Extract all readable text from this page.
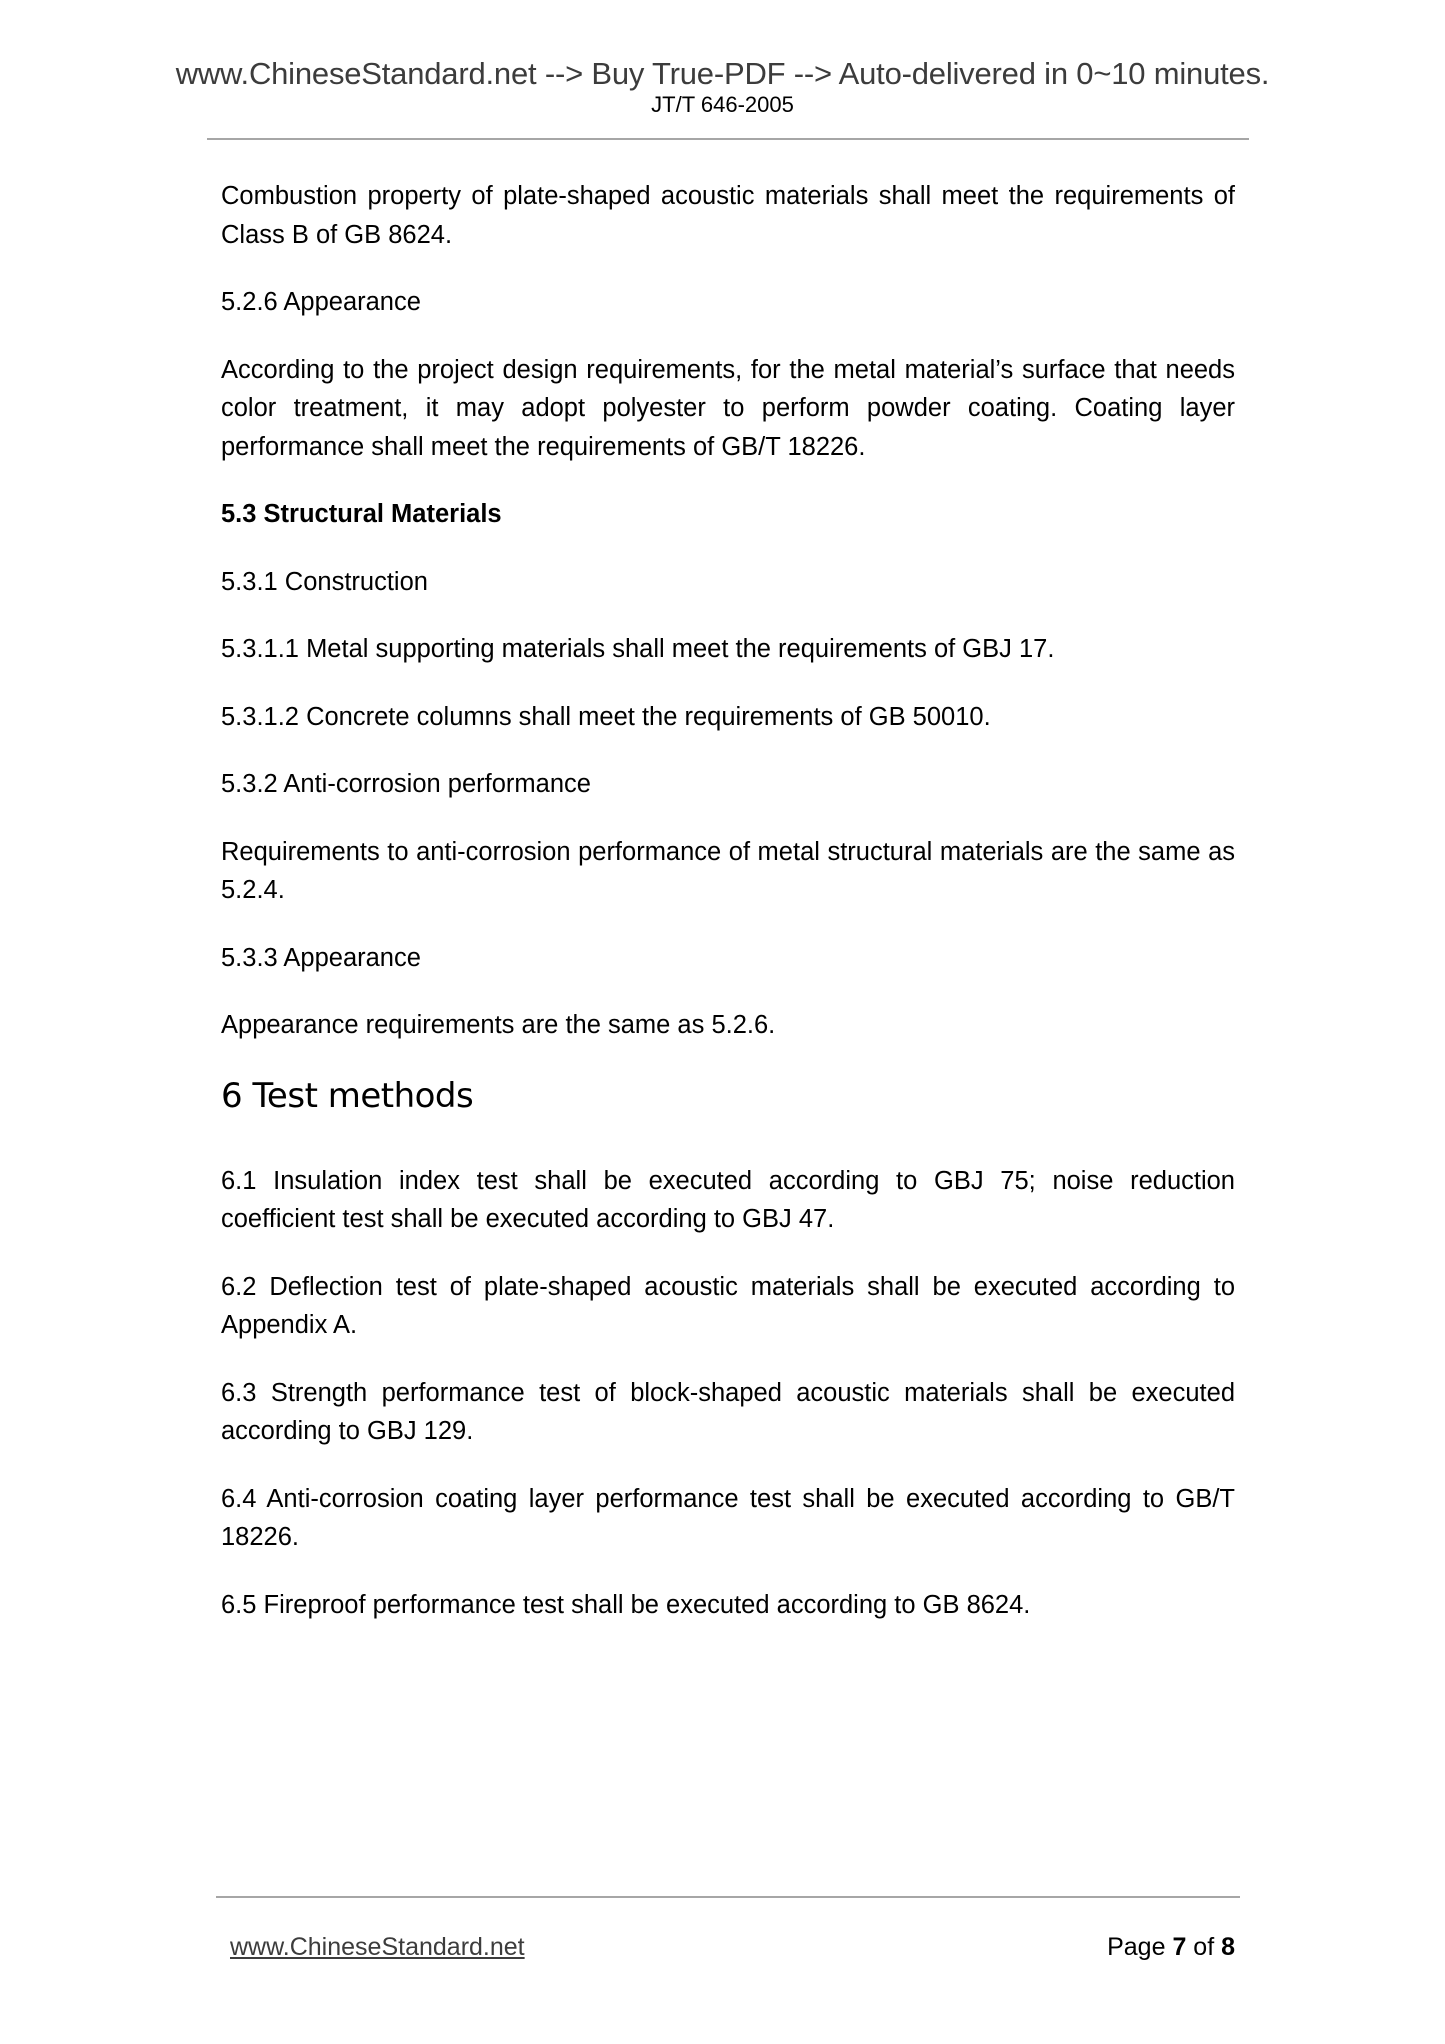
www.ChineseStandard.net --> Buy True-PDF --> Auto-delivered in 0~10 minutes.
JT/T 646-2005

Combustion property of plate-shaped acoustic materials shall meet the requirements of Class B of GB 8624.

5.2.6 Appearance

According to the project design requirements, for the metal material’s surface that needs color treatment, it may adopt polyester to perform powder coating. Coating layer performance shall meet the requirements of GB/T 18226.

5.3 Structural Materials

5.3.1 Construction

5.3.1.1 Metal supporting materials shall meet the requirements of GBJ 17.

5.3.1.2 Concrete columns shall meet the requirements of GB 50010.

5.3.2 Anti-corrosion performance

Requirements to anti-corrosion performance of metal structural materials are the same as 5.2.4.

5.3.3 Appearance

Appearance requirements are the same as 5.2.6.

6 Test methods

6.1 Insulation index test shall be executed according to GBJ 75; noise reduction coefficient test shall be executed according to GBJ 47.

6.2 Deflection test of plate-shaped acoustic materials shall be executed according to Appendix A.

6.3 Strength performance test of block-shaped acoustic materials shall be executed according to GBJ 129.

6.4 Anti-corrosion coating layer performance test shall be executed according to GB/T 18226.

6.5 Fireproof performance test shall be executed according to GB 8624.

www.ChineseStandard.net	Page 7 of 8
